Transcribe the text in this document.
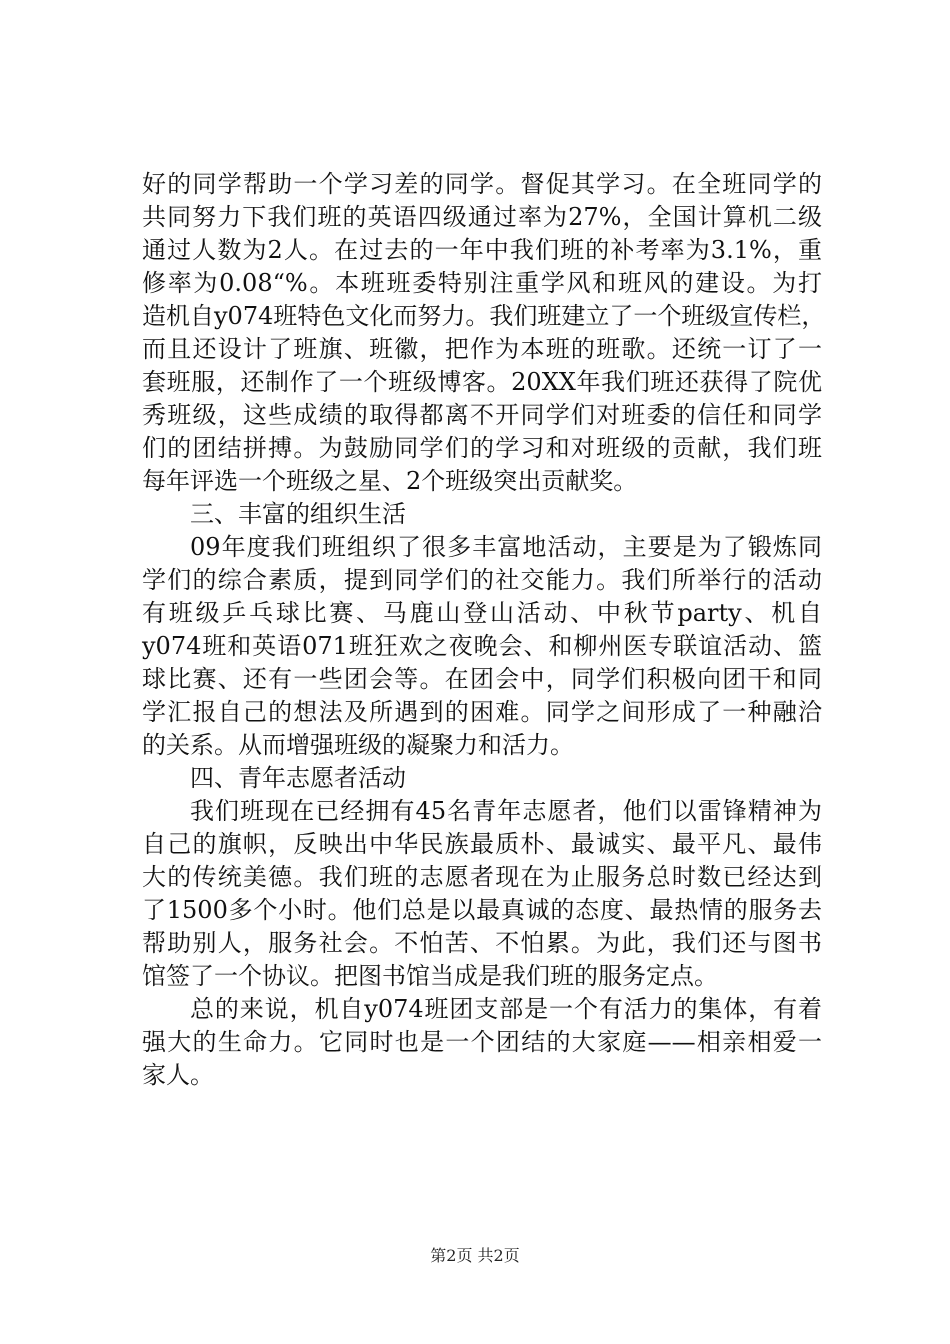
好的同学帮助一个学习差的同学。督促其学习。在全班同学的
共同努力下我们班的英语四级通过率为27%，全国计算机二级
通过人数为2人。在过去的一年中我们班的补考率为3.1%，重
修率为0.08“%。本班班委特别注重学风和班风的建设。为打
造机自y074班特色文化而努力。我们班建立了一个班级宣传栏，
而且还设计了班旗、班徽，把作为本班的班歌。还统一订了一
套班服，还制作了一个班级博客。20XX年我们班还获得了院优
秀班级，这些成绩的取得都离不开同学们对班委的信任和同学
们的团结拼搏。为鼓励同学们的学习和对班级的贡献，我们班
每年评选一个班级之星、2个班级突出贡献奖。
三、丰富的组织生活
09年度我们班组织了很多丰富地活动，主要是为了锻炼同
学们的综合素质，提到同学们的社交能力。我们所举行的活动
有班级乒乓球比赛、马鹿山登山活动、中秋节party、机自
y074班和英语071班狂欢之夜晚会、和柳州医专联谊活动、篮
球比赛、还有一些团会等。在团会中，同学们积极向团干和同
学汇报自己的想法及所遇到的困难。同学之间形成了一种融洽
的关系。从而增强班级的凝聚力和活力。
四、青年志愿者活动
我们班现在已经拥有45名青年志愿者，他们以雷锋精神为
自己的旗帜，反映出中华民族最质朴、最诚实、最平凡、最伟
大的传统美德。我们班的志愿者现在为止服务总时数已经达到
了1500多个小时。他们总是以最真诚的态度、最热情的服务去
帮助别人，服务社会。不怕苦、不怕累。为此，我们还与图书
馆签了一个协议。把图书馆当成是我们班的服务定点。
总的来说，机自y074班团支部是一个有活力的集体，有着
强大的生命力。它同时也是一个团结的大家庭——相亲相爱一
家人。
第2页 共2页
